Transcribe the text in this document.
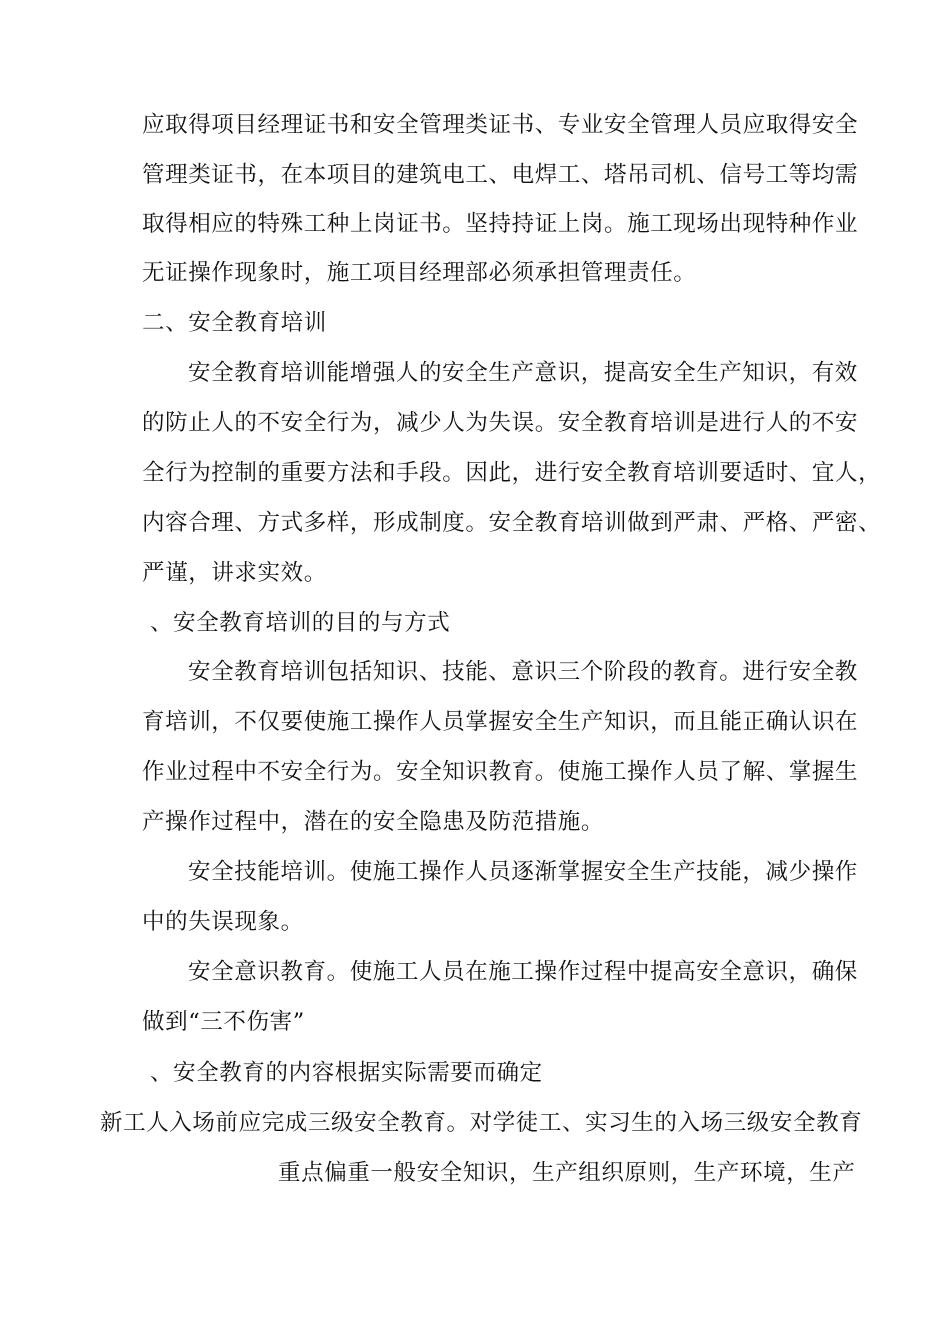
应取得项目经理证书和安全管理类证书、专业安全管理人员应取得安全
管理类证书，在本项目的建筑电工、电焊工、塔吊司机、信号工等均需
取得相应的特殊工种上岗证书。坚持持证上岗。施工现场出现特种作业
无证操作现象时，施工项目经理部必须承担管理责任。
二、安全教育培训
安全教育培训能增强人的安全生产意识，提高安全生产知识，有效
的防止人的不安全行为，减少人为失误。安全教育培训是进行人的不安
全行为控制的重要方法和手段。因此，进行安全教育培训要适时、宜人，
内容合理、方式多样，形成制度。安全教育培训做到严肃、严格、严密、
严谨，讲求实效。
、安全教育培训的目的与方式
安全教育培训包括知识、技能、意识三个阶段的教育。进行安全教
育培训，不仅要使施工操作人员掌握安全生产知识，而且能正确认识在
作业过程中不安全行为。安全知识教育。使施工操作人员了解、掌握生
产操作过程中，潜在的安全隐患及防范措施。
安全技能培训。使施工操作人员逐渐掌握安全生产技能，减少操作
中的失误现象。
安全意识教育。使施工人员在施工操作过程中提高安全意识，确保
做到“三不伤害”
、安全教育的内容根据实际需要而确定
新工人入场前应完成三级安全教育。对学徒工、实习生的入场三级安全教育
重点偏重一般安全知识，生产组织原则，生产环境，生产
